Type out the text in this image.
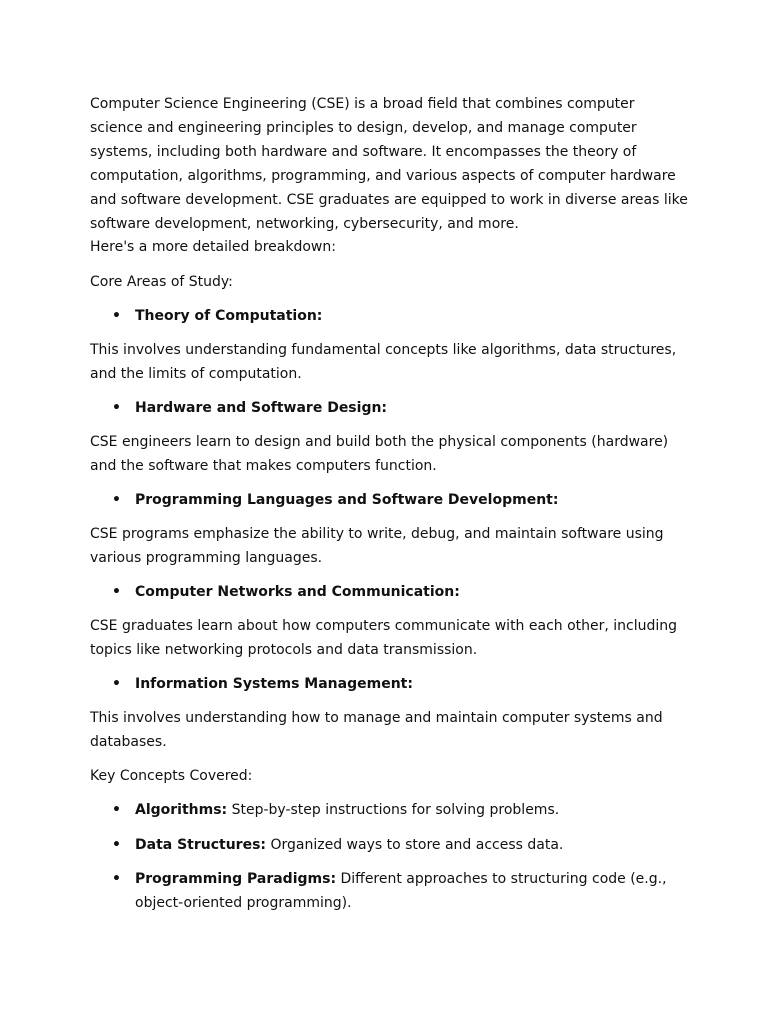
Computer Science Engineering (CSE) is a broad field that combines computer science and engineering principles to design, develop, and manage computer systems, including both hardware and software. It encompasses the theory of computation, algorithms, programming, and various aspects of computer hardware and software development. CSE graduates are equipped to work in diverse areas like software development, networking, cybersecurity, and more.

Here's a more detailed breakdown:

Core Areas of Study:

• Theory of Computation:

This involves understanding fundamental concepts like algorithms, data structures, and the limits of computation.

• Hardware and Software Design:

CSE engineers learn to design and build both the physical components (hardware) and the software that makes computers function.

• Programming Languages and Software Development:

CSE programs emphasize the ability to write, debug, and maintain software using various programming languages.

• Computer Networks and Communication:

CSE graduates learn about how computers communicate with each other, including topics like networking protocols and data transmission.

• Information Systems Management:

This involves understanding how to manage and maintain computer systems and databases.

Key Concepts Covered:

• Algorithms: Step-by-step instructions for solving problems.
• Data Structures: Organized ways to store and access data.
• Programming Paradigms: Different approaches to structuring code (e.g., object-oriented programming).
